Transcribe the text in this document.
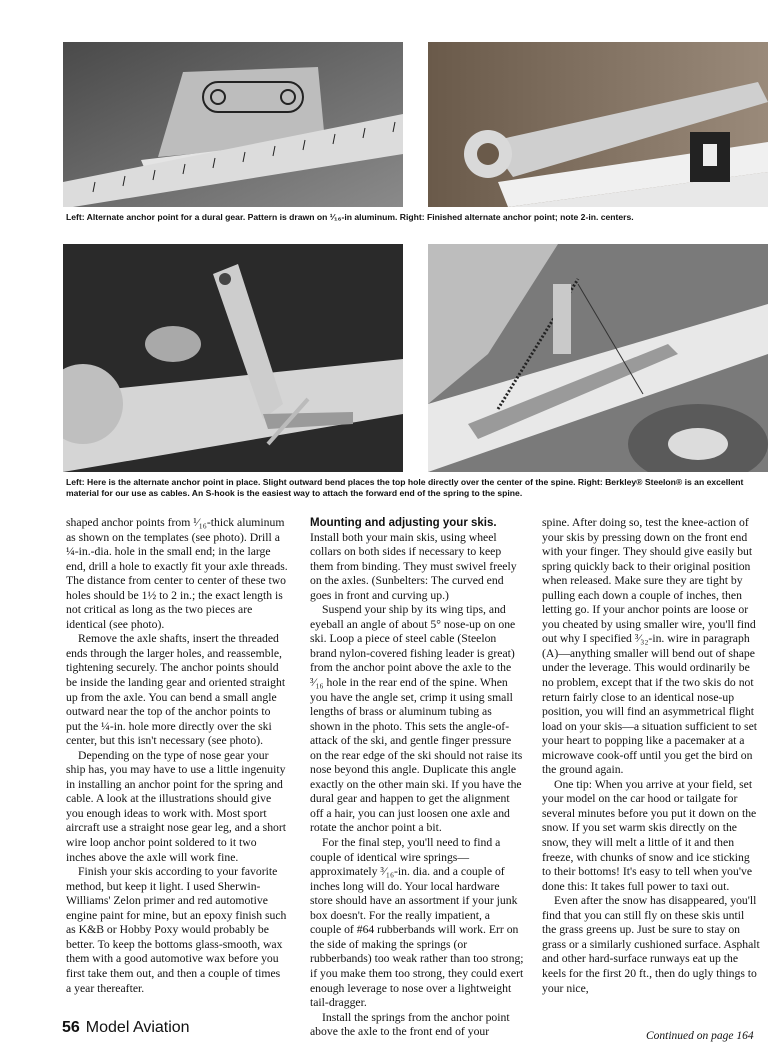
Left: Alternate anchor point for a dural gear. Pattern is drawn on ¹⁄₁₆-in aluminum. Right: Finished alternate anchor point; note 2-in. centers.
Left: Here is the alternate anchor point in place. Slight outward bend places the top hole directly over the center of the spine. Right: Berkley® Steelon® is an excellent material for our use as cables. An S-hook is the easiest way to attach the forward end of the spring to the spine.

shaped anchor points from ¹⁄₁₆-thick aluminum as shown on the templates (see photo). Drill a ¼-in.-dia. hole in the small end; in the large end, drill a hole to exactly fit your axle threads. The distance from center to center of these two holes should be 1½ to 2 in.; the exact length is not critical as long as the two pieces are identical (see photo).

Remove the axle shafts, insert the threaded ends through the larger holes, and reassemble, tightening securely. The anchor points should be inside the landing gear and oriented straight up from the axle. You can bend a small angle outward near the top of the anchor points to put the ¼-in. hole more directly over the ski center, but this isn't necessary (see photo).

Depending on the type of nose gear your ship has, you may have to use a little ingenuity in installing an anchor point for the spring and cable. A look at the illustrations should give you enough ideas to work with. Most sport aircraft use a straight nose gear leg, and a short wire loop anchor point soldered to it two inches above the axle will work fine.

Finish your skis according to your favorite method, but keep it light. I used Sherwin-Williams' Zelon primer and red automotive engine paint for mine, but an epoxy finish such as K&B or Hobby Poxy would probably be better. To keep the bottoms glass-smooth, wax them with a good automotive wax before you first take them out, and then a couple of times a year thereafter.

Mounting and adjusting your skis. Install both your main skis, using wheel collars on both sides if necessary to keep them from binding. They must swivel freely on the axles. (Sunbelters: The curved end goes in front and curving up.)

Suspend your ship by its wing tips, and eyeball an angle of about 5° nose-up on one ski. Loop a piece of steel cable (Steelon brand nylon-covered fishing leader is great) from the anchor point above the axle to the ³⁄₁₆ hole in the rear end of the spine. When you have the angle set, crimp it using small lengths of brass or aluminum tubing as shown in the photo. This sets the angle-of-attack of the ski, and gentle finger pressure on the rear edge of the ski should not raise its nose beyond this angle. Duplicate this angle exactly on the other main ski. If you have the dural gear and happen to get the alignment off a hair, you can just loosen one axle and rotate the anchor point a bit.

For the final step, you'll need to find a couple of identical wire springs—approximately ³⁄₁₆-in. dia. and a couple of inches long will do. Your local hardware store should have an assortment if your junk box doesn't. For the really impatient, a couple of #64 rubberbands will work. Err on the side of making the springs (or rubberbands) too weak rather than too strong; if you make them too strong, they could exert enough leverage to nose over a lightweight tail-dragger.

Install the springs from the anchor point above the axle to the front end of your

spine. After doing so, test the knee-action of your skis by pressing down on the front end with your finger. They should give easily but spring quickly back to their original position when released. Make sure they are tight by pulling each down a couple of inches, then letting go. If your anchor points are loose or you cheated by using smaller wire, you'll find out why I specified ³⁄₃₂-in. wire in paragraph (A)—anything smaller will bend out of shape under the leverage. This would ordinarily be no problem, except that if the two skis do not return fairly close to an identical nose-up position, you will find an asymmetrical flight load on your skis—a situation sufficient to set your heart to popping like a pacemaker at a microwave cook-off until you get the bird on the ground again.

One tip: When you arrive at your field, set your model on the car hood or tailgate for several minutes before you put it down on the snow. If you set warm skis directly on the snow, they will melt a little of it and then freeze, with chunks of snow and ice sticking to their bottoms! It's easy to tell when you've done this: It takes full power to taxi out.

Even after the snow has disappeared, you'll find that you can still fly on these skis until the grass greens up. Just be sure to stay on grass or a similarly cushioned surface. Asphalt and other hard-surface runways eat up the keels for the first 20 ft., then do ugly things to your nice,

Continued on page 164
56 Model Aviation
